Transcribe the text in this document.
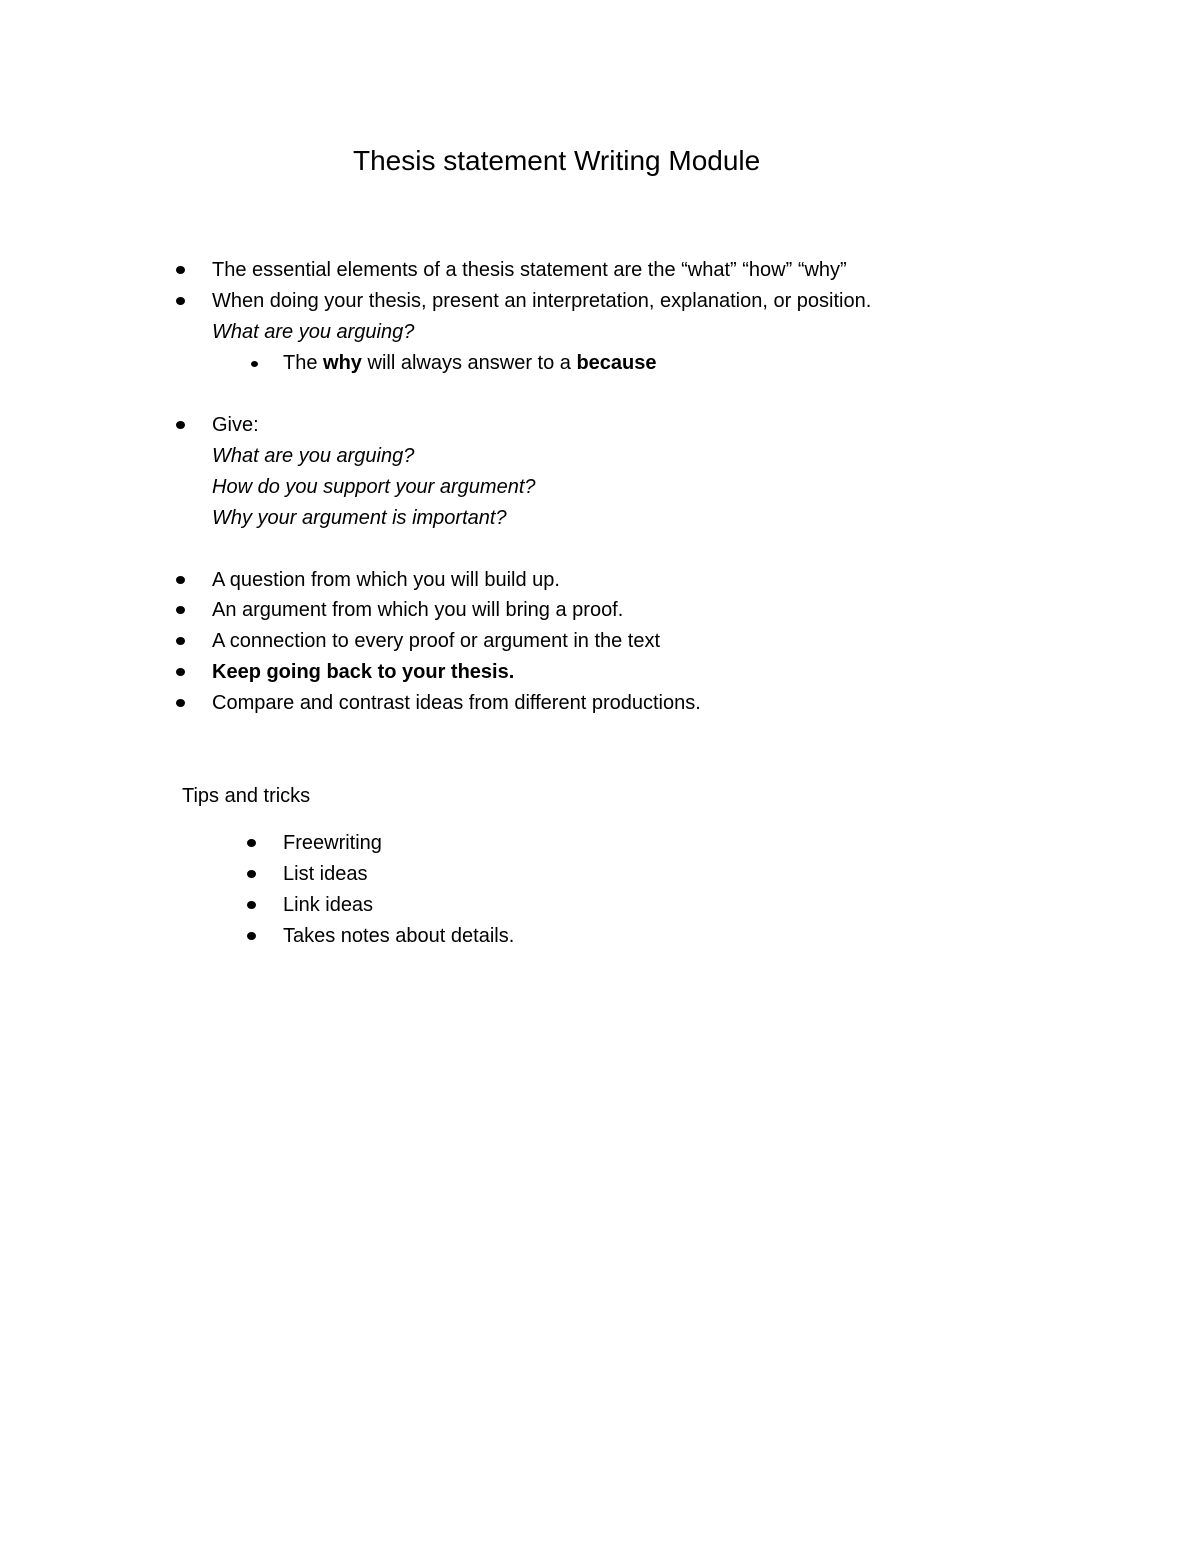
Thesis statement Writing Module
The essential elements of a thesis statement are the “what” “how” “why”
When doing your thesis, present an interpretation, explanation, or position.
What are you arguing?
The why will always answer to a because
Give:
What are you arguing?
How do you support your argument?
Why your argument is important?
A question from which you will build up.
An argument from which you will bring a proof.
A connection to every proof or argument in the text
Keep going back to your thesis.
Compare and contrast ideas from different productions.
Tips and tricks
Freewriting
List ideas
Link ideas
Takes notes about details.
